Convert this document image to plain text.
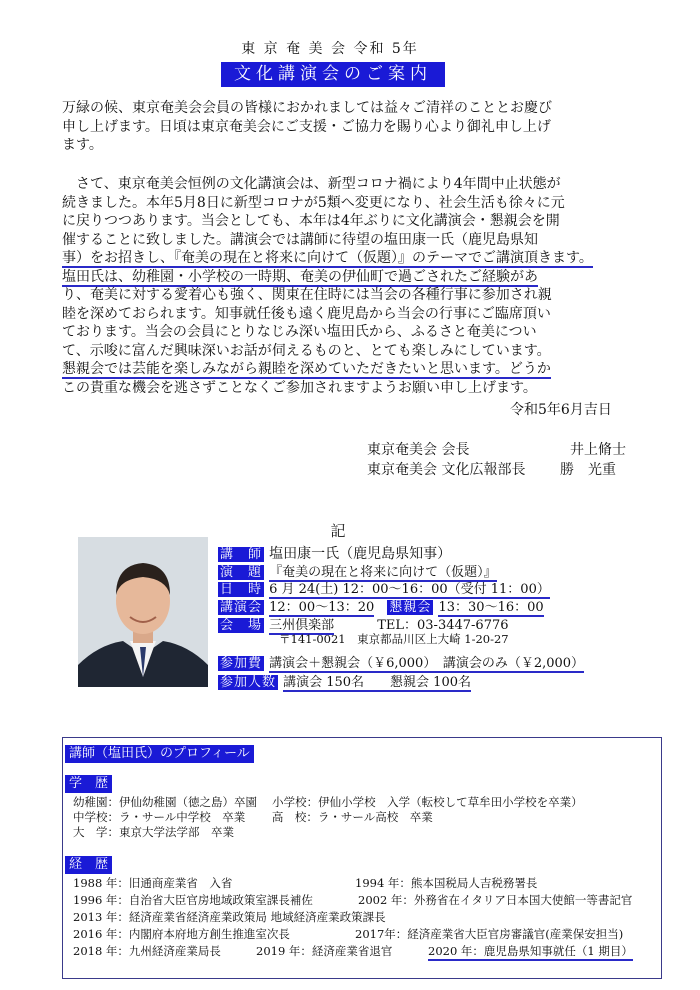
東 京 奄 美 会 令和 5年
文化講演会のご案内

万緑の候、東京奄美会会員の皆様におかれましては益々ご清祥のこととお慶び

申し上げます。日頃は東京奄美会にご支援・ご協力を賜り心より御礼申し上げ

ます。

さて、東京奄美会恒例の文化講演会は、新型コロナ禍により4年間中止状態が

続きました。本年5月8日に新型コロナが5類へ変更になり、社会生活も徐々に元

に戻りつつあります。当会としても、本年は4年ぶりに文化講演会・懇親会を開

催することに致しました。講演会では講師に待望の塩田康一氏（鹿児島県知

事）をお招きし、『奄美の現在と将来に向けて（仮題）』のテーマでご講演頂きます。

塩田氏は、幼稚園・小学校の一時期、奄美の伊仙町で過ごされたご経験があ

り、奄美に対する愛着心も強く、関東在住時には当会の各種行事に参加され親

睦を深めておられます。知事就任後も遠く鹿児島から当会の行事にご臨席頂い

ております。当会の会員にとりなじみ深い塩田氏から、ふるさと奄美につい

て、示唆に富んだ興味深いお話が伺えるものと、とても楽しみにしています。

懇親会では芸能を楽しみながら親睦を深めていただきたいと思います。どうか

この貴重な機会を逃さずことなくご参加されますようお願い申し上げます。

令和5年6月吉日
東京奄美会 会長	井上脩士
東京奄美会 文化広報部長 勝　光重
記
講　師 塩田康一氏（鹿児島県知事）
演　題 『奄美の現在と将来に向けて（仮題）』
日　時 6 月 24(土) 12：00～16：00（受付 11：00）
講演会 12：00～13：20 懇親会 13：30～16：00
会　場 三州倶楽部	TEL：03-3447-6776
〒141-0021　東京都品川区上大崎 1-20-27
参加費 講演会＋懇親会（￥6,000）　講演会のみ（￥2,000）
参加人数 講演会 150名　　懇親会 100名
講師（塩田氏）のプロフィール
学　歴
幼稚園：伊仙幼稚園（徳之島）卒園　 小学校：伊仙小学校　入学（転校して草牟田小学校を卒業）
中学校：ラ・サール中学校　卒業　　 高　校：ラ・サール高校　卒業
大　学：東京大学法学部　卒業
経　歴
1988 年：旧通商産業省　入省	1994 年：熊本国税局人吉税務署長
1996 年：自治省大臣官房地域政策室課長補佐	2002 年：外務省在イタリア日本国大使館一等書記官
2013 年：経済産業省経済産業政策局 地域経済産業政策課長
2016 年：内閣府本府地方創生推進室次長	2017年：経済産業省大臣官房審議官(産業保安担当)
2018 年：九州経済産業局長	2019 年：経済産業省退官	2020 年：鹿児島県知事就任（1 期目）
